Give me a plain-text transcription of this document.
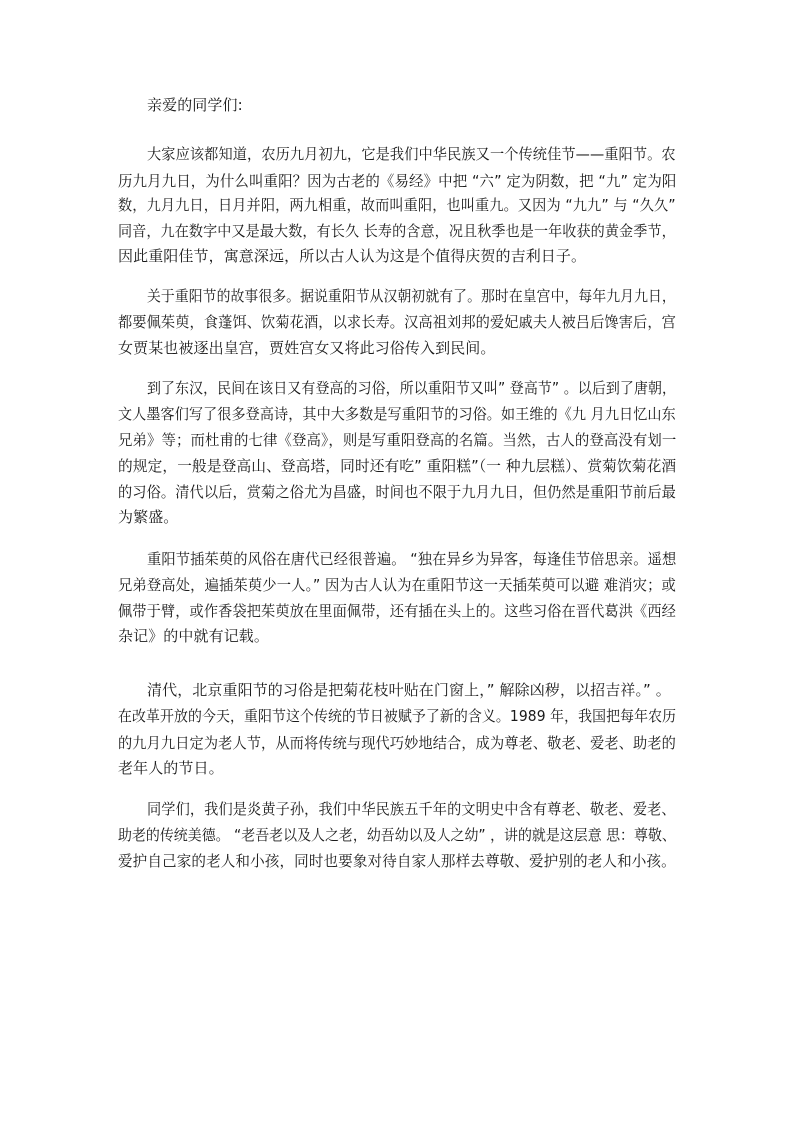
亲爱的同学们:
大家应该都知道，农历九月初九，它是我们中华民族又一个传统佳节——重阳节。农
历九月九日，为什么叫重阳？因为古老的《易经》中把 “六” 定为阴数，把 “九” 定为阳
数，九月九日，日月并阳，两九相重，故而叫重阳，也叫重九。又因为 “九九” 与 “久久”
同音，九在数字中又是最大数，有长久 长寿的含意，况且秋季也是一年收获的黄金季节，
因此重阳佳节，寓意深远，所以古人认为这是个值得庆贺的吉利日子。
关于重阳节的故事很多。据说重阳节从汉朝初就有了。那时在皇宫中，每年九月九日，
都要佩茱萸，食蓬饵、饮菊花酒，以求长寿。汉高祖刘邦的爱妃戚夫人被吕后馋害后，宫
女贾某也被逐出皇宫，贾姓宫女又将此习俗传入到民间。
到了东汉，民间在该日又有登高的习俗，所以重阳节又叫” 登高节” 。以后到了唐朝，
文人墨客们写了很多登高诗，其中大多数是写重阳节的习俗。如王维的《九 月九日忆山东
兄弟》等；而杜甫的七律《登高》，则是写重阳登高的名篇。当然，古人的登高没有划一
的规定，一般是登高山、登高塔，同时还有吃” 重阳糕”（一 种九层糕）、赏菊饮菊花酒
的习俗。清代以后，赏菊之俗尤为昌盛，时间也不限于九月九日，但仍然是重阳节前后最
为繁盛。
重阳节插茱萸的风俗在唐代已经很普遍。 “独在异乡为异客，每逢佳节倍思亲。遥想
兄弟登高处，遍插茱萸少一人。” 因为古人认为在重阳节这一天插茱萸可以避 难消灾；或
佩带于臂，或作香袋把茱萸放在里面佩带，还有插在头上的。这些习俗在晋代葛洪《西经
杂记》的中就有记载。
清代，北京重阳节的习俗是把菊花枝叶贴在门窗上，” 解除凶秽，以招吉祥。” 。
在改革开放的今天，重阳节这个传统的节日被赋予了新的含义。1989 年，我国把每年农历
的九月九日定为老人节，从而将传统与现代巧妙地结合，成为尊老、敬老、爱老、助老的
老年人的节日。
同学们，我们是炎黄子孙，我们中华民族五千年的文明史中含有尊老、敬老、爱老、
助老的传统美德。 “老吾老以及人之老，幼吾幼以及人之幼” ，讲的就是这层意 思：尊敬、
爱护自己家的老人和小孩，同时也要象对待自家人那样去尊敬、爱护别的老人和小孩。
